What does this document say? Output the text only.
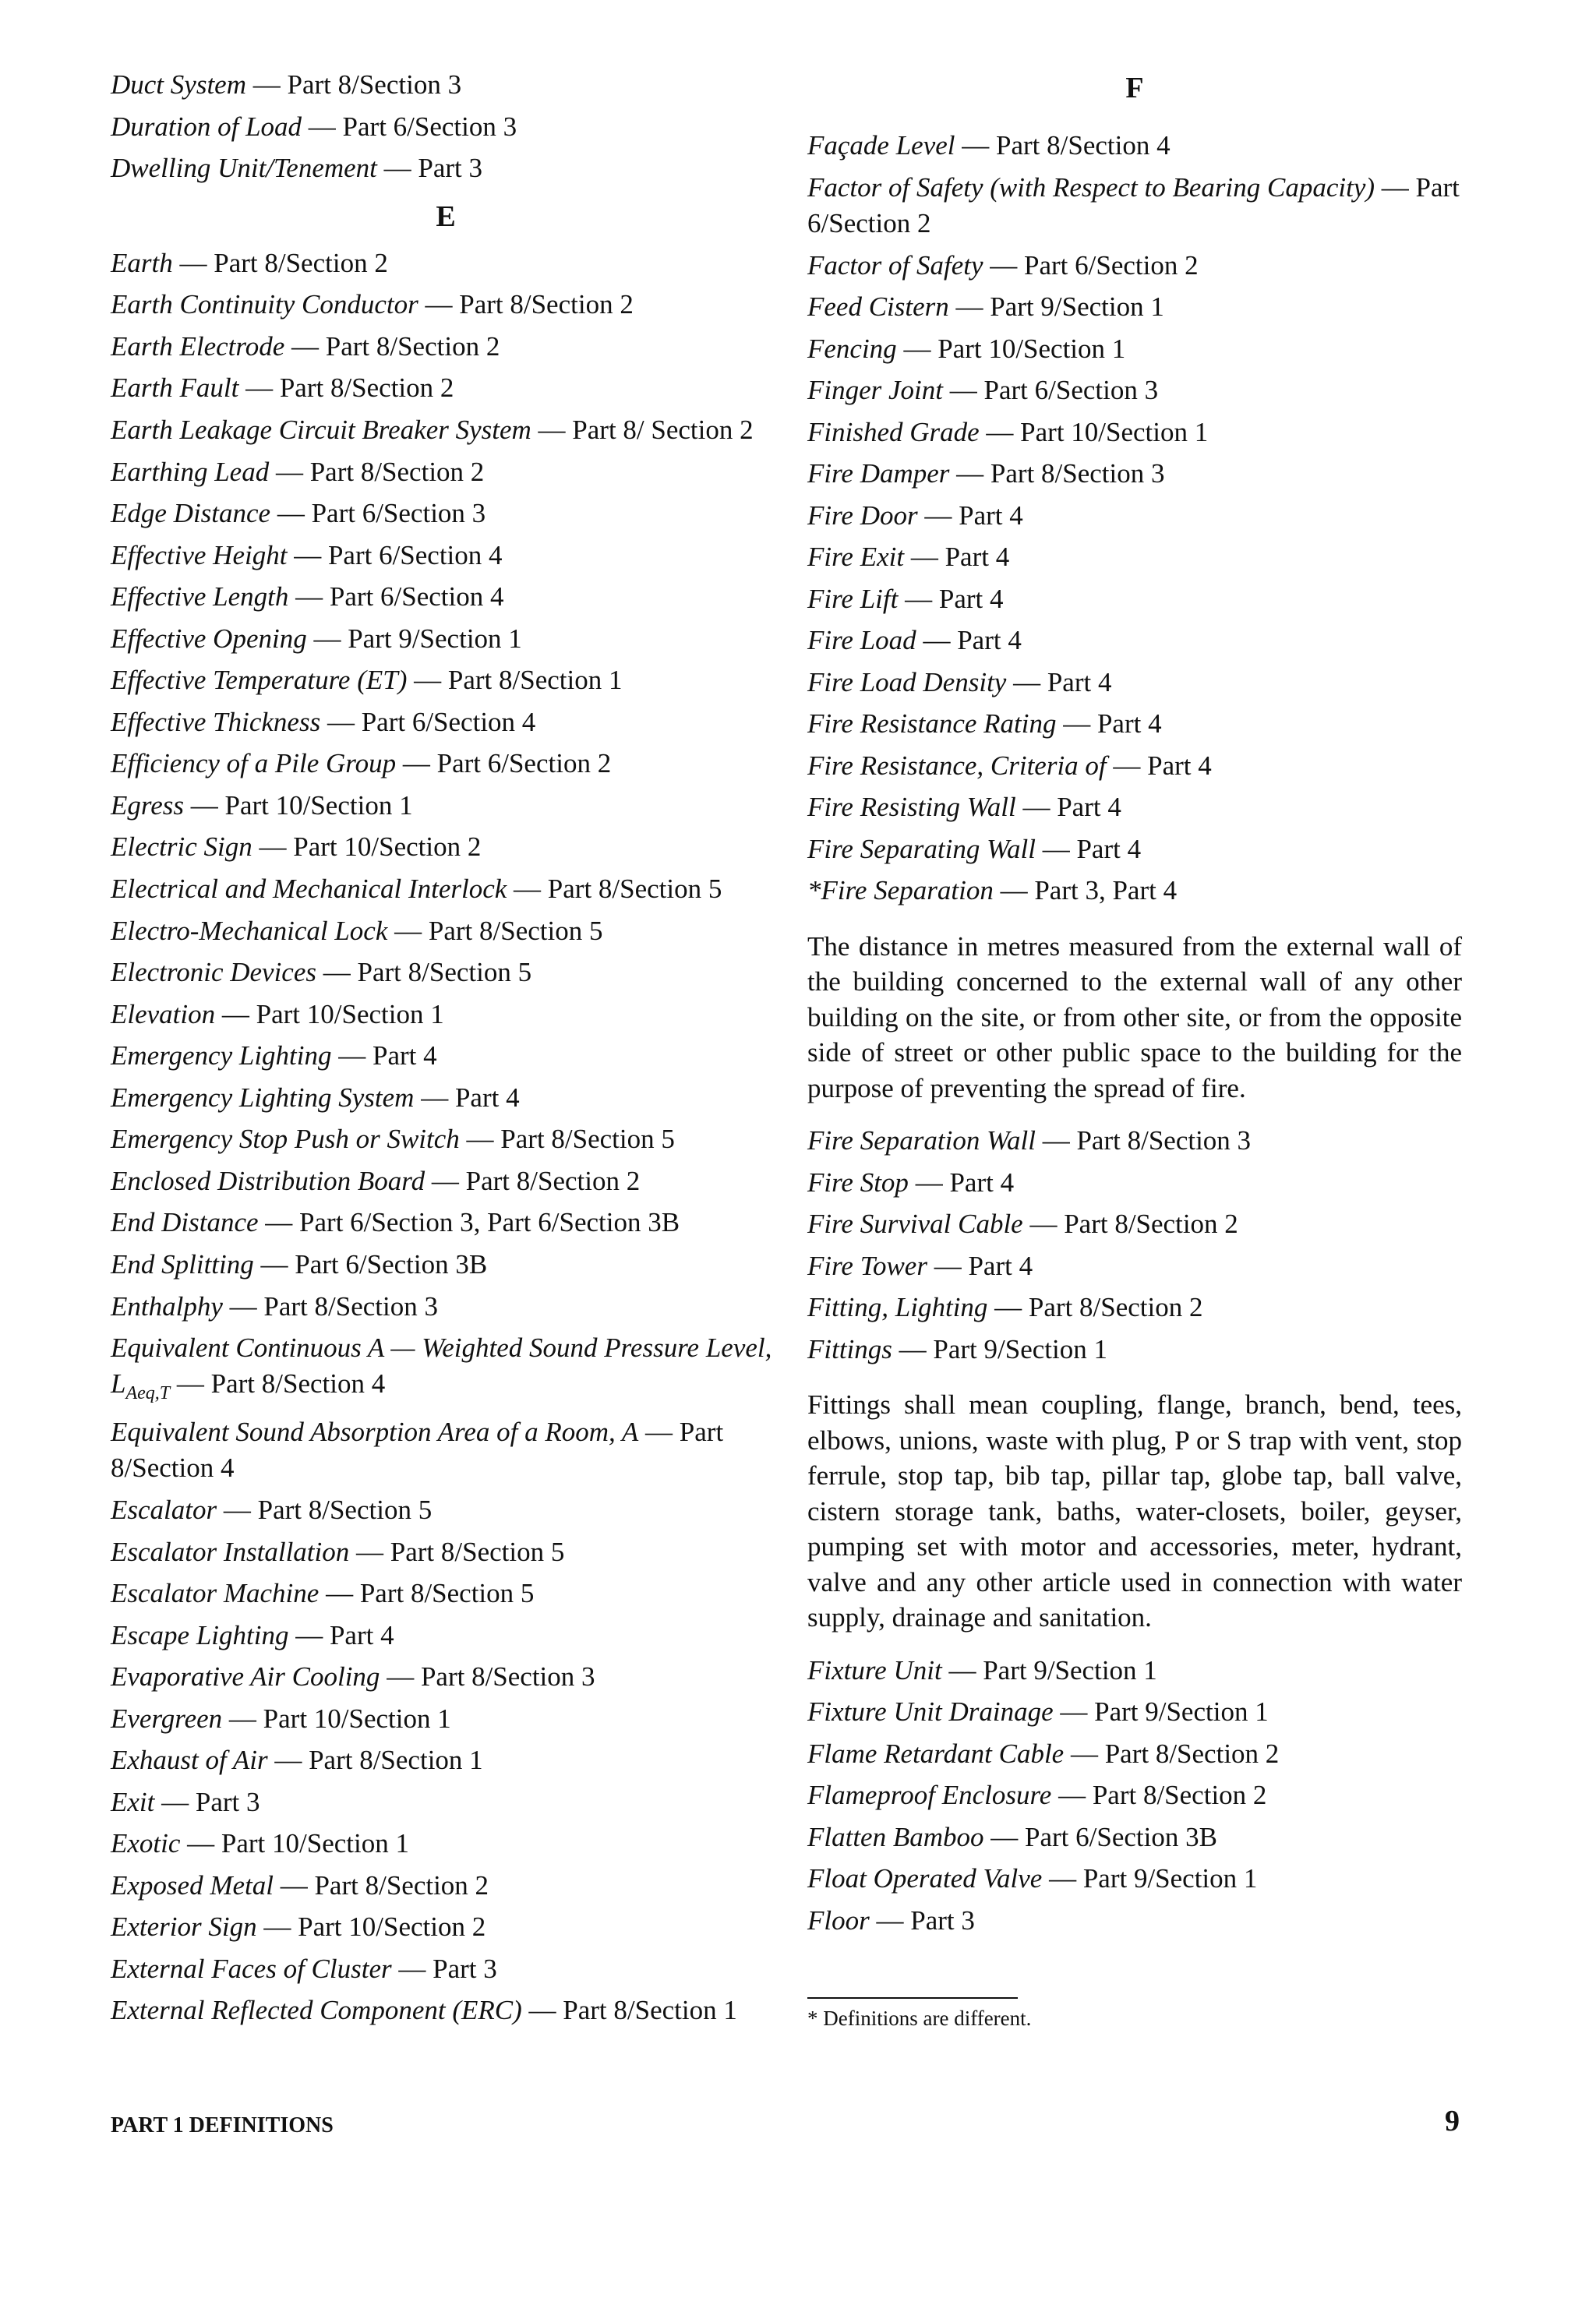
Duct System — Part 8/Section 3

Duration of Load — Part 6/Section 3

Dwelling Unit/Tenement — Part 3

E

Earth — Part 8/Section 2

Earth Continuity Conductor — Part 8/Section 2

Earth Electrode — Part 8/Section 2

Earth Fault — Part 8/Section 2

Earth Leakage Circuit Breaker System — Part 8/ Section 2

Earthing Lead — Part 8/Section 2

Edge Distance — Part 6/Section 3

Effective Height — Part 6/Section 4

Effective Length — Part 6/Section 4

Effective Opening — Part 9/Section 1

Effective Temperature (ET) — Part 8/Section 1

Effective Thickness — Part 6/Section 4

Efficiency of a Pile Group — Part 6/Section 2

Egress — Part 10/Section 1

Electric Sign — Part 10/Section 2

Electrical and Mechanical Interlock — Part 8/Section 5

Electro-Mechanical Lock — Part 8/Section 5

Electronic Devices — Part 8/Section 5

Elevation — Part 10/Section 1

Emergency Lighting — Part 4

Emergency Lighting System — Part 4

Emergency Stop Push or Switch — Part 8/Section 5

Enclosed Distribution Board — Part 8/Section 2

End Distance — Part 6/Section 3, Part 6/Section 3B

End Splitting — Part 6/Section 3B

Enthalphy — Part 8/Section 3

Equivalent Continuous A — Weighted Sound Pressure Level, $L_{Aeq,T}$ — Part 8/Section 4

Equivalent Sound Absorption Area of a Room, A — Part 8/Section 4

Escalator — Part 8/Section 5

Escalator Installation — Part 8/Section 5

Escalator Machine — Part 8/Section 5

Escape Lighting — Part 4

Evaporative Air Cooling — Part 8/Section 3

Evergreen — Part 10/Section 1

Exhaust of Air — Part 8/Section 1

Exit — Part 3

Exotic — Part 10/Section 1

Exposed Metal — Part 8/Section 2

Exterior Sign — Part 10/Section 2

External Faces of Cluster — Part 3

External Reflected Component (ERC) — Part 8/Section 1

F

Façade Level — Part 8/Section 4

Factor of Safety (with Respect to Bearing Capacity) — Part 6/Section 2

Factor of Safety — Part 6/Section 2

Feed Cistern — Part 9/Section 1

Fencing — Part 10/Section 1

Finger Joint — Part 6/Section 3

Finished Grade — Part 10/Section 1

Fire Damper — Part 8/Section 3

Fire Door — Part 4

Fire Exit — Part 4

Fire Lift — Part 4

Fire Load — Part 4

Fire Load Density — Part 4

Fire Resistance Rating — Part 4

Fire Resistance, Criteria of — Part 4

Fire Resisting Wall — Part 4

Fire Separating Wall — Part 4

*Fire Separation — Part 3, Part 4

The distance in metres measured from the external wall of the building concerned to the external wall of any other building on the site, or from other site, or from the opposite side of street or other public space to the building for the purpose of preventing the spread of fire.

Fire Separation Wall — Part 8/Section 3

Fire Stop — Part 4

Fire Survival Cable — Part 8/Section 2

Fire Tower — Part 4

Fitting, Lighting — Part 8/Section 2

Fittings — Part 9/Section 1

Fittings shall mean coupling, flange, branch, bend, tees, elbows, unions, waste with plug, P or S trap with vent, stop ferrule, stop tap, bib tap, pillar tap, globe tap, ball valve, cistern storage tank, baths, water-closets, boiler, geyser, pumping set with motor and accessories, meter, hydrant, valve and any other article used in connection with water supply, drainage and sanitation.

Fixture Unit — Part 9/Section 1

Fixture Unit Drainage — Part 9/Section 1

Flame Retardant Cable — Part 8/Section 2

Flameproof Enclosure — Part 8/Section 2

Flatten Bamboo — Part 6/Section 3B

Float Operated Valve — Part 9/Section 1

Floor — Part 3

* Definitions are different.
PART 1 DEFINITIONS	9
